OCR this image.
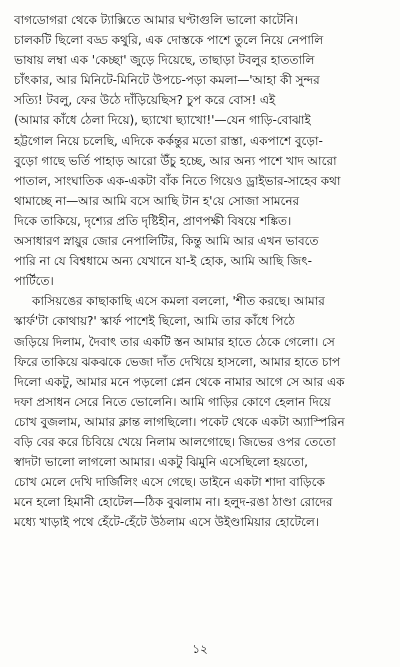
বাগডোগরা থেকে ট্যাক্সিতে আমার ঘণ্টাগুলি ভালো কাটেনি।
চালকটি ছিলো বড্ড কথুরি, এক দোস্তকে পাশে তুলে নিয়ে নেপালি
ভাষায় লম্বা এক 'কেচ্ছা' জুড়ে দিয়েছে, তাছাড়া টবলুর হাততালি
চাঁৎকার, আর মিনিটে-মিনিটে উপচে-পড়া কমলা—'আহা কী সুন্দর
সত্যি! টবলু, ফের উঠে দাঁড়িয়েছিস? চুপ করে বোস! এই
(আমার কাঁধে ঠেলা দিয়ে), ছ্যাখো ছ্যাখো!'—যেন গাড়ি-বোঝাই
হট্টগোল নিয়ে চলেছি, এদিকে কর্কন্তুর মতো রাস্তা, একপাশে বুড়ো-
বুড়ো গাছে ভর্তি পাহাড় আরো উঁচু হচ্ছে, আর অন্য পাশে খাদ আরো
পাতাল, সাংঘাতিক এক-একটা বাঁক নিতে গিয়েও ড্রাইভার-সাহেব কথা
থামাচ্ছে না—আর আমি বসে আছি টান হ'য়ে সোজা সামনের
দিকে তাকিয়ে, দৃশ্যের প্রতি দৃষ্টিহীন, প্রাণপক্ষী বিষয়ে শঙ্কিত।
অসাধারণ স্নায়ুর জোর নেপালিটির, কিন্তু আমি আর এখন ভাবতে
পারি না যে বিশ্বধামে অন্য যেখানে যা-ই হোক, আমি আছি জিৎ-
পার্টিতে।
কাসিয়ঙের কাছাকাছি এসে কমলা বললো, 'শীত করছে। আমার
স্কার্ফ'টা কোথায়?' স্কার্ফ পাশেই ছিলো, আমি তার কাঁধে পিঠে
জড়িয়ে দিলাম, দৈবাৎ তার একটি স্তন আমার হাতে ঠেকে গেলো। সে
ফিরে তাকিয়ে ঝকঝকে ভেজা দাঁত দেখিয়ে হাসলো, আমার হাতে চাপ
দিলো একটু, আমার মনে পড়লো প্লেন থেকে নামার আগে সে আর এক
দফা প্রসাধন সেরে নিতে ভোলেনি। আমি গাড়ির কোণে হেলান দিয়ে
চোখ বুজলাম, আমার ক্লান্ত লাগছিলো। পকেট থেকে একটা অ্যাস্পিরিন
বড়ি বের করে চিবিয়ে খেয়ে নিলাম আলগোছে। জিভের ওপর তেতো
স্বাদটা ভালো লাগলো আমার। একটু ঝিমুনি এসেছিলো হয়তো,
চোখ মেলে দেখি দার্জিলিং এসে গেছে। ডাইনে একটা শাদা বাড়িকে
মনে হলো হিমানী হোটেল—ঠিক বুঝলাম না। হলুদ-রঙা ঠাণ্ডা রোদের
মধ্যে খাড়াই পথে হেঁটে-হেঁটে উঠলাম এসে উইণ্ডামিয়ার হোটেলে।
১২
